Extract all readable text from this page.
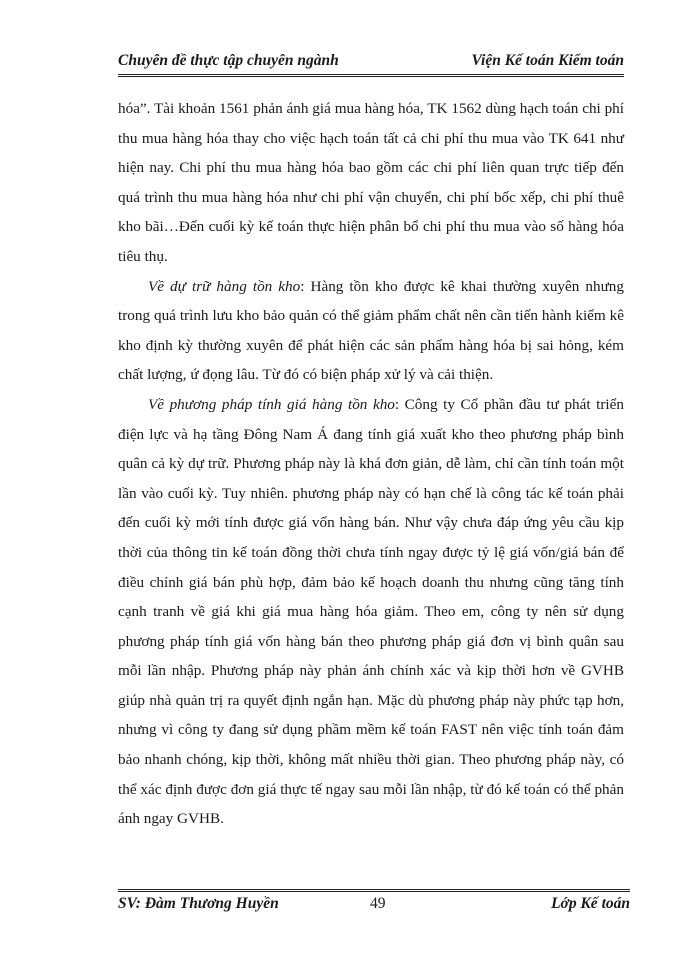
Chuyên đề thực tập chuyên ngành	Viện Kế toán Kiểm toán

hóa”. Tài khoản 1561 phản ánh giá mua hàng hóa, TK 1562 dùng hạch toán chi phí thu mua hàng hóa thay cho việc hạch toán tất cả chi phí thu mua vào TK 641 như hiện nay. Chi phí thu mua hàng hóa bao gồm các chi phí liên quan trực tiếp đến quá trình thu mua hàng hóa như chi phí vận chuyển, chi phí bốc xếp, chi phí thuê kho bãi…Đến cuối kỳ kế toán thực hiện phân bổ chi phí thu mua vào số hàng hóa tiêu thụ.

Về dự trữ hàng tồn kho: Hàng tồn kho được kê khai thường xuyên nhưng trong quá trình lưu kho bảo quản có thể giảm phẩm chất nên cần tiến hành kiểm kê kho định kỳ thường xuyên để phát hiện các sản phẩm hàng hóa bị sai hỏng, kém chất lượng, ứ đọng lâu. Từ đó có biện pháp xử lý và cải thiện.

Về phương pháp tính giá hàng tồn kho: Công ty Cổ phần đầu tư phát triển điện lực và hạ tầng Đông Nam Á đang tính giá xuất kho theo phương pháp bình quân cả kỳ dự trữ. Phương pháp này là khá đơn giản, dễ làm, chỉ cần tính toán một lần vào cuối kỳ. Tuy nhiên. phương pháp này có hạn chế là công tác kế toán phải đến cuối kỳ mới tính được giá vốn hàng bán. Như vậy chưa đáp ứng yêu cầu kịp thời của thông tin kế toán đồng thời chưa tính ngay được tỷ lệ giá vốn/giá bán để điều chỉnh giá bán phù hợp, đảm bảo kế hoạch doanh thu nhưng cũng tăng tính cạnh tranh về giá khi giá mua hàng hóa giảm. Theo em, công ty nên sử dụng phương pháp tính giá vốn hàng bán theo phương pháp giá đơn vị bình quân sau mỗi lần nhập. Phương pháp này phản ánh chính xác và kịp thời hơn về GVHB giúp nhà quản trị ra quyết định ngắn hạn. Mặc dù phương pháp này phức tạp hơn, nhưng vì công ty đang sử dụng phầm mềm kế toán FAST nên việc tính toán đảm bảo nhanh chóng, kịp thời, không mất nhiều thời gian. Theo phương pháp này, có thể xác định được đơn giá thực tế ngay sau mỗi lần nhập, từ đó kế toán có thể phản ánh ngay GVHB.

SV: Đàm Thương Huyền	49	Lớp Kế toán
